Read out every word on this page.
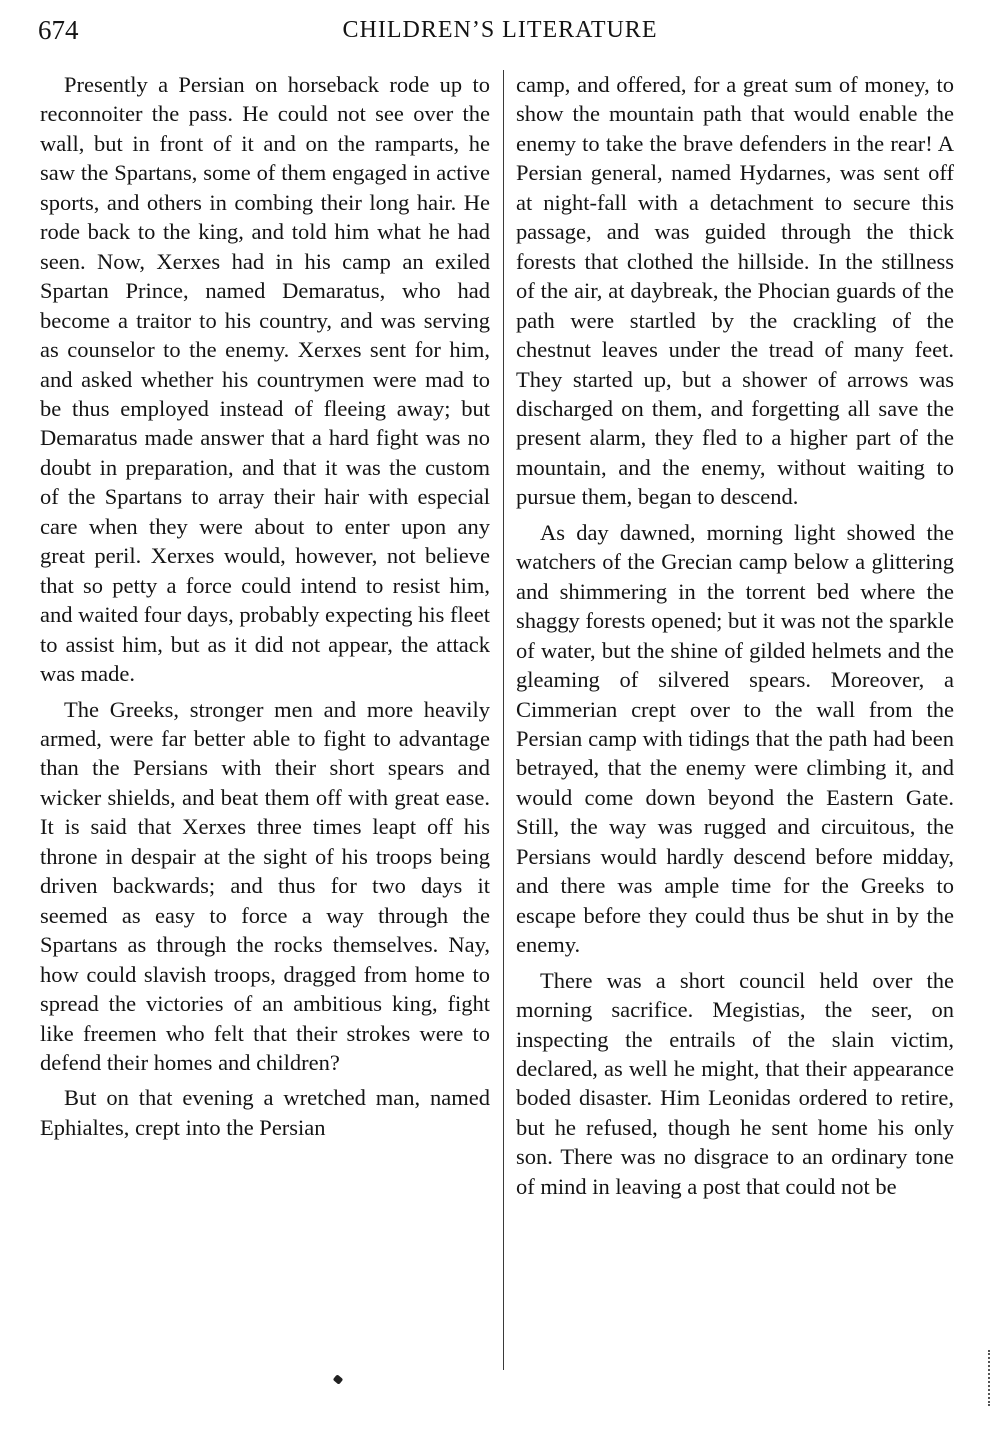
674	CHILDREN’S LITERATURE

Presently a Persian on horseback rode up to reconnoiter the pass. He could not see over the wall, but in front of it and on the ramparts, he saw the Spartans, some of them engaged in active sports, and others in combing their long hair. He rode back to the king, and told him what he had seen. Now, Xerxes had in his camp an exiled Spartan Prince, named Demaratus, who had become a traitor to his country, and was serving as counselor to the enemy. Xerxes sent for him, and asked whether his countrymen were mad to be thus employed instead of fleeing away; but Demaratus made answer that a hard fight was no doubt in preparation, and that it was the custom of the Spartans to array their hair with especial care when they were about to enter upon any great peril. Xerxes would, however, not believe that so petty a force could intend to resist him, and waited four days, probably expecting his fleet to assist him, but as it did not appear, the attack was made.

The Greeks, stronger men and more heavily armed, were far better able to fight to advantage than the Persians with their short spears and wicker shields, and beat them off with great ease. It is said that Xerxes three times leapt off his throne in despair at the sight of his troops being driven backwards; and thus for two days it seemed as easy to force a way through the Spartans as through the rocks themselves. Nay, how could slavish troops, dragged from home to spread the victories of an ambitious king, fight like freemen who felt that their strokes were to defend their homes and children?

But on that evening a wretched man, named Ephialtes, crept into the Persian

camp, and offered, for a great sum of money, to show the mountain path that would enable the enemy to take the brave defenders in the rear! A Persian general, named Hydarnes, was sent off at night-fall with a detachment to secure this passage, and was guided through the thick forests that clothed the hillside. In the stillness of the air, at daybreak, the Phocian guards of the path were startled by the crackling of the chestnut leaves under the tread of many feet. They started up, but a shower of arrows was discharged on them, and forgetting all save the present alarm, they fled to a higher part of the mountain, and the enemy, without waiting to pursue them, began to descend.

As day dawned, morning light showed the watchers of the Grecian camp below a glittering and shimmering in the torrent bed where the shaggy forests opened; but it was not the sparkle of water, but the shine of gilded helmets and the gleaming of silvered spears. Moreover, a Cimmerian crept over to the wall from the Persian camp with tidings that the path had been betrayed, that the enemy were climbing it, and would come down beyond the Eastern Gate. Still, the way was rugged and circuitous, the Persians would hardly descend before midday, and there was ample time for the Greeks to escape before they could thus be shut in by the enemy.

There was a short council held over the morning sacrifice. Megistias, the seer, on inspecting the entrails of the slain victim, declared, as well he might, that their appearance boded disaster. Him Leonidas ordered to retire, but he refused, though he sent home his only son. There was no disgrace to an ordinary tone of mind in leaving a post that could not be
